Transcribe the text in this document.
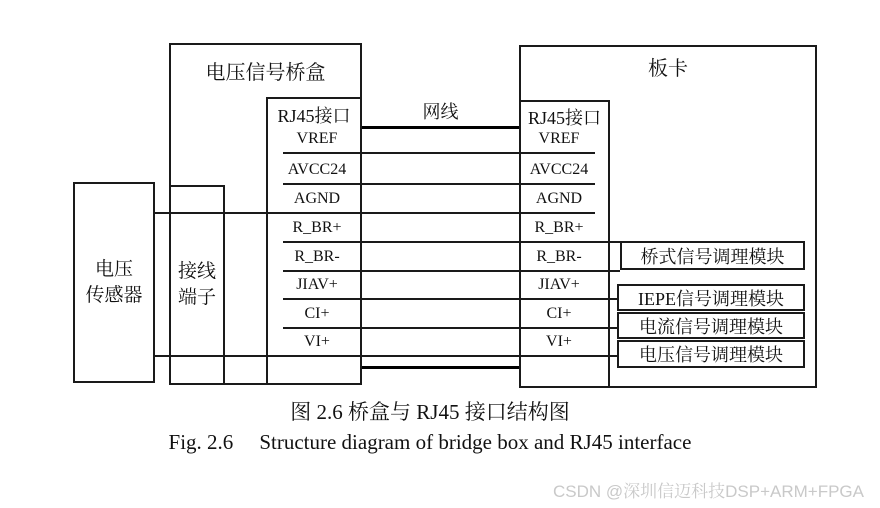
电压
传感器
接线
端子
电压信号桥盒	板卡
RJ45接口	RJ45接口
网线
VREF
AVCC24
AGND
R_BR+
R_BR-
JIAV+
CI+
VI+
VREF
AVCC24
AGND
R_BR+
R_BR-
JIAV+
CI+
VI+
桥式信号调理模块
IEPE信号调理模块
电流信号调理模块
电压信号调理模块
图 2.6 桥盒与 RJ45 接口结构图
Fig. 2.6 Structure diagram of bridge box and RJ45 interface
CSDN @深圳信迈科技DSP+ARM+FPGA
